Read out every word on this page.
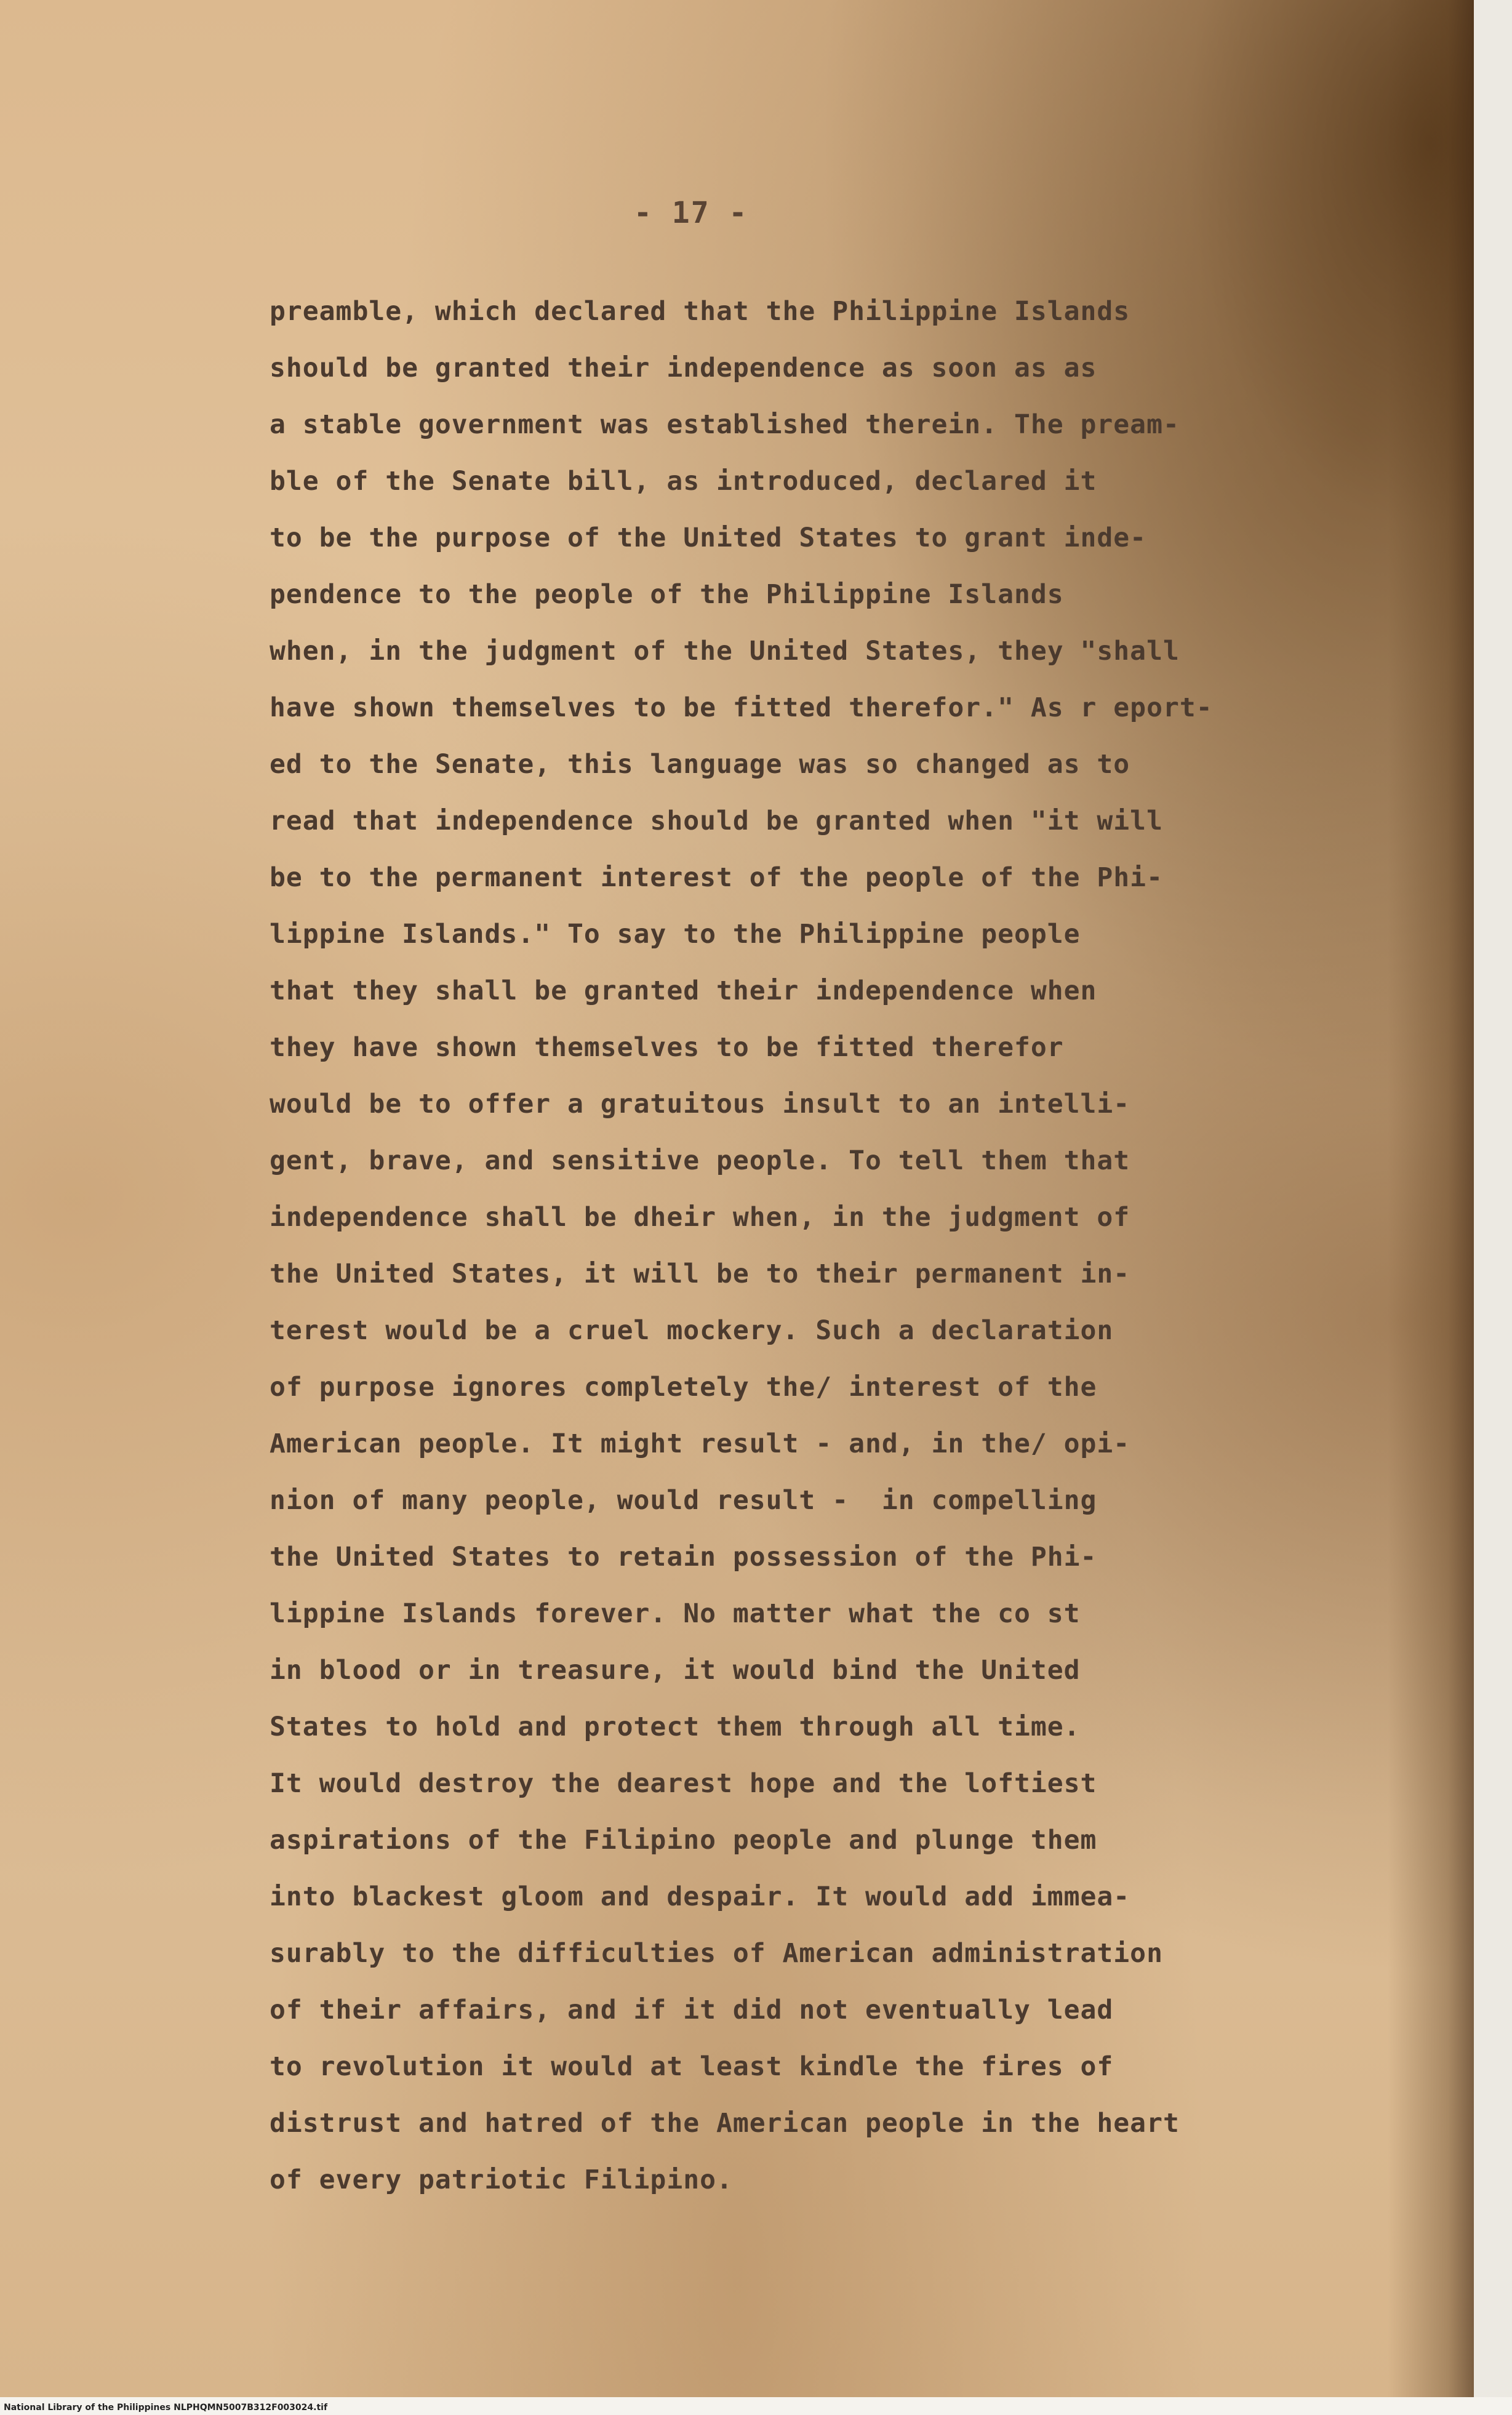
- 17 -
preamble, which declared that the Philippine Islands
should be granted their independence as soon as as
a stable government was established therein. The pream-
ble of the Senate bill, as introduced, declared it
to be the purpose of the United States to grant inde-
pendence to the people of the Philippine Islands
when, in the judgment of the United States, they "shall
have shown themselves to be fitted therefor." As r eport-
ed to the Senate, this language was so changed as to
read that independence should be granted when "it will
be to the permanent interest of the people of the Phi-
lippine Islands." To say to the Philippine people
that they shall be granted their independence when
they have shown themselves to be fitted therefor
would be to offer a gratuitous insult to an intelli-
gent, brave, and sensitive people. To tell them that
independence shall be dheir when, in the judgment of
the United States, it will be to their permanent in-
terest would be a cruel mockery. Such a declaration
of purpose ignores completely the/ interest of the
American people. It might result - and, in the/ opi-
nion of many people, would result -  in compelling
the United States to retain possession of the Phi-
lippine Islands forever. No matter what the co st
in blood or in treasure, it would bind the United
States to hold and protect them through all time.
It would destroy the dearest hope and the loftiest
aspirations of the Filipino people and plunge them
into blackest gloom and despair. It would add immea-
surably to the difficulties of American administration
of their affairs, and if it did not eventually lead
to revolution it would at least kindle the fires of
distrust and hatred of the American people in the heart
of every patriotic Filipino.
National Library of the Philippines NLPHQMN5007B312F003024.tif
